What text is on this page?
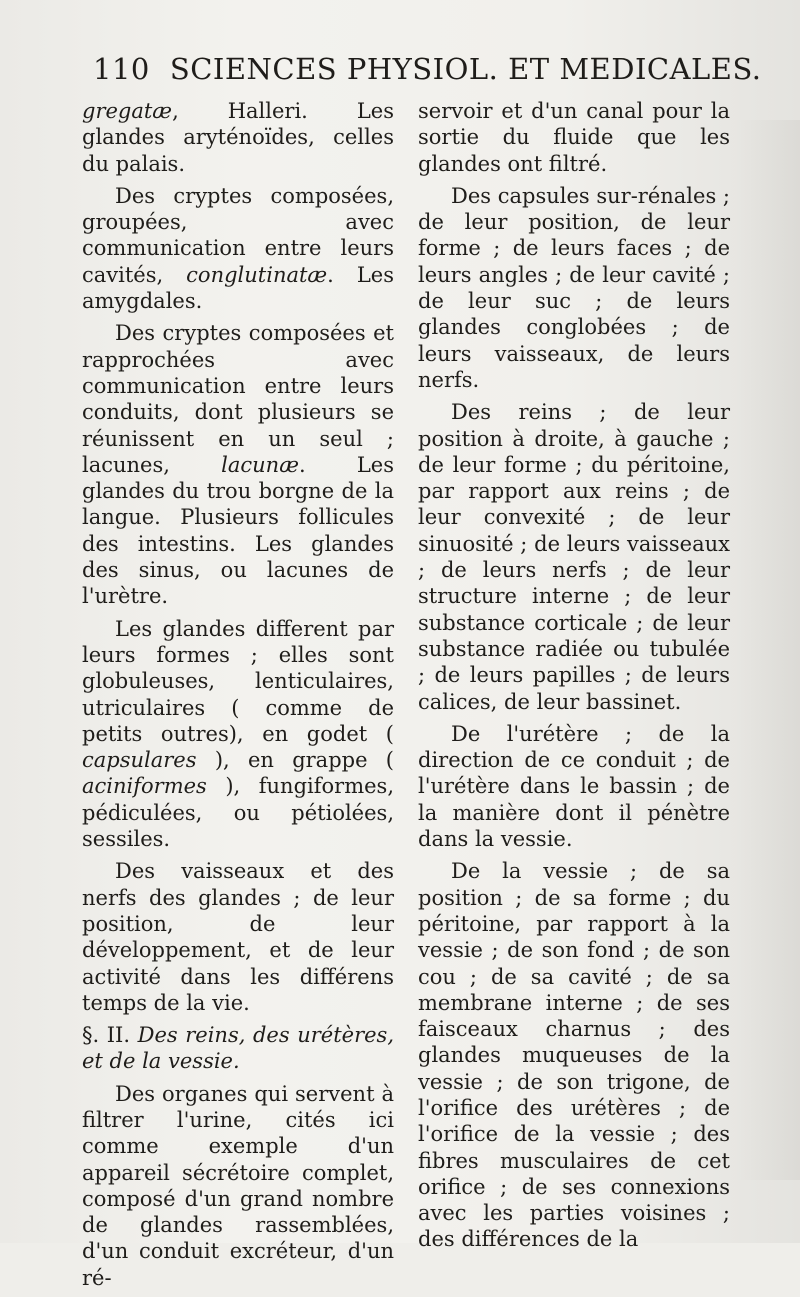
110 SCIENCES PHYSIOL. ET MEDICALES.

gregatæ, Halleri. Les glandes aryténoïdes, celles du palais.

Des cryptes composées, groupées, avec communication entre leurs cavités, conglutinatæ. Les amygdales.

Des cryptes composées et rapprochées avec communication entre leurs conduits, dont plusieurs se réunissent en un seul ; lacunes, lacunæ. Les glandes du trou borgne de la langue. Plusieurs follicules des intestins. Les glandes des sinus, ou lacunes de l'urètre.

Les glandes different par leurs formes ; elles sont globuleuses, lenticulaires, utriculaires ( comme de petits outres), en godet ( capsulares ), en grappe ( aciniformes ), fungiformes, pédiculées, ou pétiolées, sessiles.

Des vaisseaux et des nerfs des glandes ; de leur position, de leur développement, et de leur activité dans les différens temps de la vie.

§. II. Des reins, des urétères, et de la vessie.

Des organes qui servent à filtrer l'urine, cités ici comme exemple d'un appareil sécrétoire complet, composé d'un grand nombre de glandes rassemblées, d'un conduit excréteur, d'un ré-

servoir et d'un canal pour la sortie du fluide que les glandes ont filtré.

Des capsules sur-rénales ; de leur position, de leur forme ; de leurs faces ; de leurs angles ; de leur cavité ; de leur suc ; de leurs glandes conglobées ; de leurs vaisseaux, de leurs nerfs.

Des reins ; de leur position à droite, à gauche ; de leur forme ; du péritoine, par rapport aux reins ; de leur convexité ; de leur sinuosité ; de leurs vaisseaux ; de leurs nerfs ; de leur structure interne ; de leur substance corticale ; de leur substance radiée ou tubulée ; de leurs papilles ; de leurs calices, de leur bassinet.

De l'urétère ; de la direction de ce conduit ; de l'urétère dans le bassin ; de la manière dont il pénètre dans la vessie.

De la vessie ; de sa position ; de sa forme ; du péritoine, par rapport à la vessie ; de son fond ; de son cou ; de sa cavité ; de sa membrane interne ; de ses faisceaux charnus ; des glandes muqueuses de la vessie ; de son trigone, de l'orifice des urétères ; de l'orifice de la vessie ; des fibres musculaires de cet orifice ; de ses connexions avec les parties voisines ; des différences de la
